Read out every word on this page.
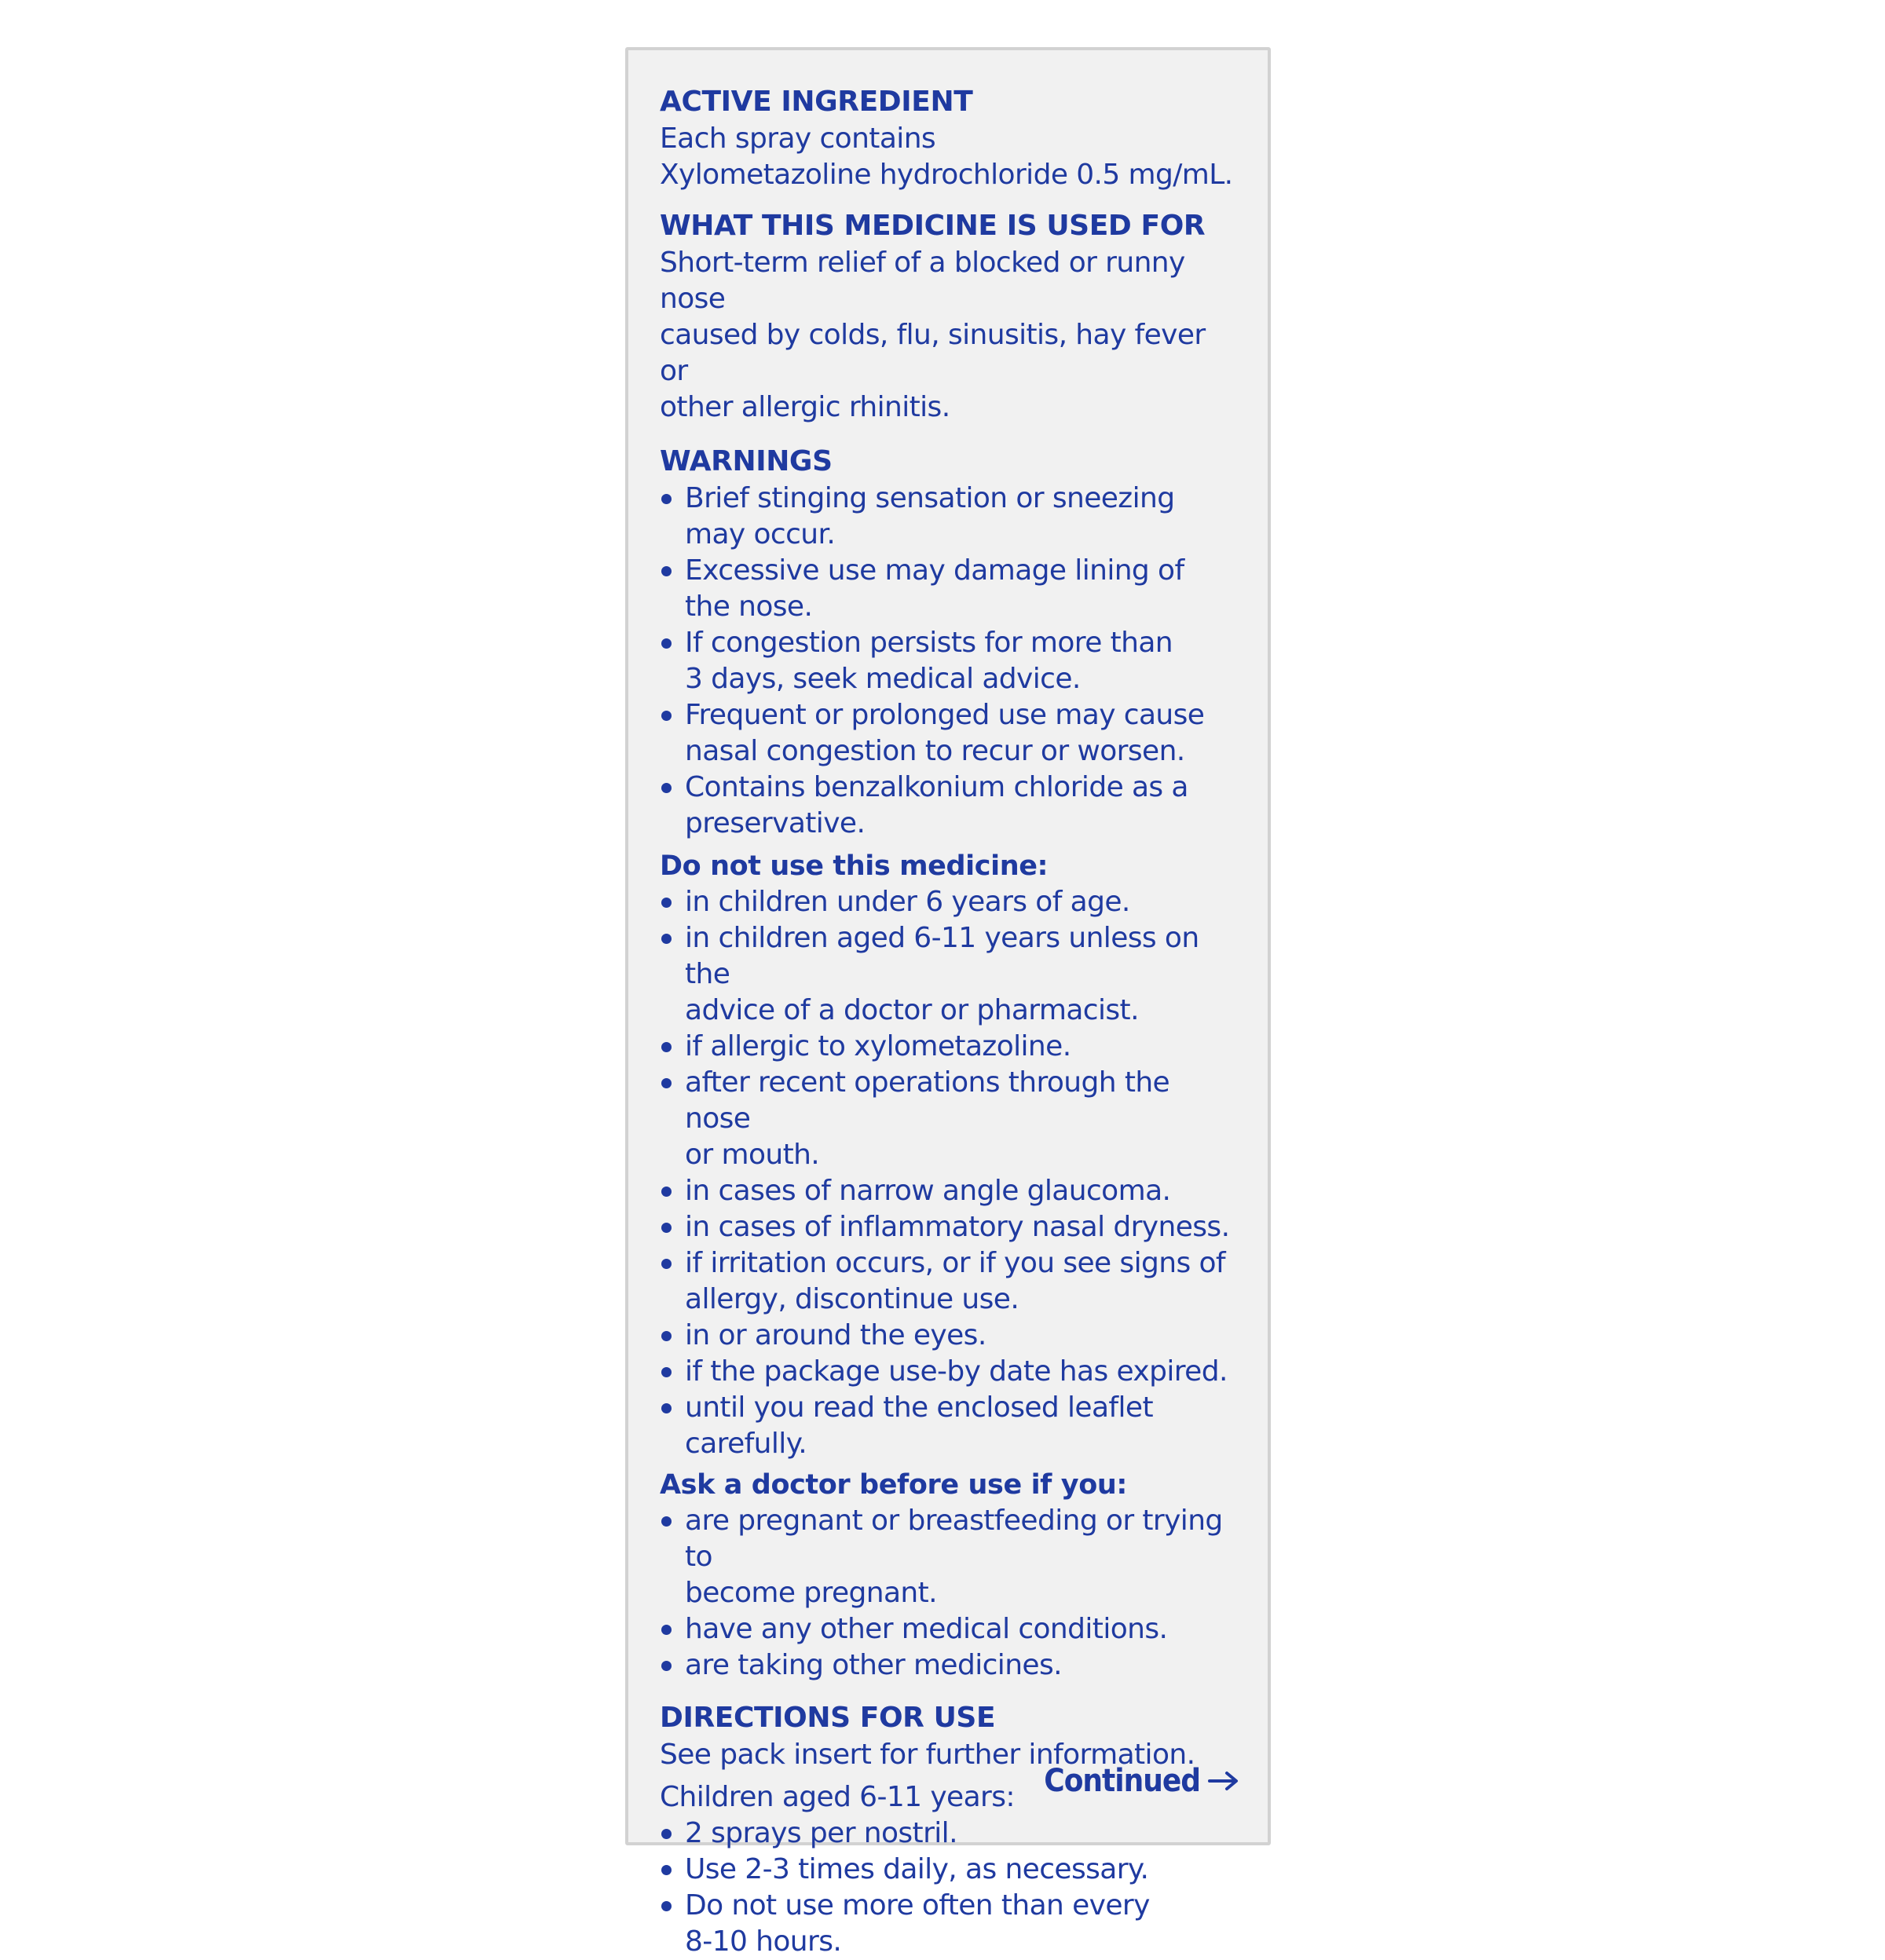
ACTIVE INGREDIENT

Each spray contains

Xylometazoline hydrochloride 0.5 mg/mL.

WHAT THIS MEDICINE IS USED FOR

Short-term relief of a blocked or runny nose

caused by colds, flu, sinusitis, hay fever or

other allergic rhinitis.

WARNINGS
Brief stinging sensation or sneezing
may occur.
Excessive use may damage lining of
the nose.
If congestion persists for more than
3 days, seek medical advice.
Frequent or prolonged use may cause
nasal congestion to recur or worsen.
Contains benzalkonium chloride as a
preservative.
Do not use this medicine:
in children under 6 years of age.
in children aged 6-11 years unless on the
advice of a doctor or pharmacist.
if allergic to xylometazoline.
after recent operations through the nose
or mouth.
in cases of narrow angle glaucoma.
in cases of inflammatory nasal dryness.
if irritation occurs, or if you see signs of
allergy, discontinue use.
in or around the eyes.
if the package use-by date has expired.
until you read the enclosed leaflet carefully.
Ask a doctor before use if you:
are pregnant or breastfeeding or trying to
become pregnant.
have any other medical conditions.
are taking other medicines.
DIRECTIONS FOR USE

See pack insert for further information.

Children aged 6-11 years:

2 sprays per nostril.
Use 2-3 times daily, as necessary.
Do not use more often than every
8-10 hours.
Continued
